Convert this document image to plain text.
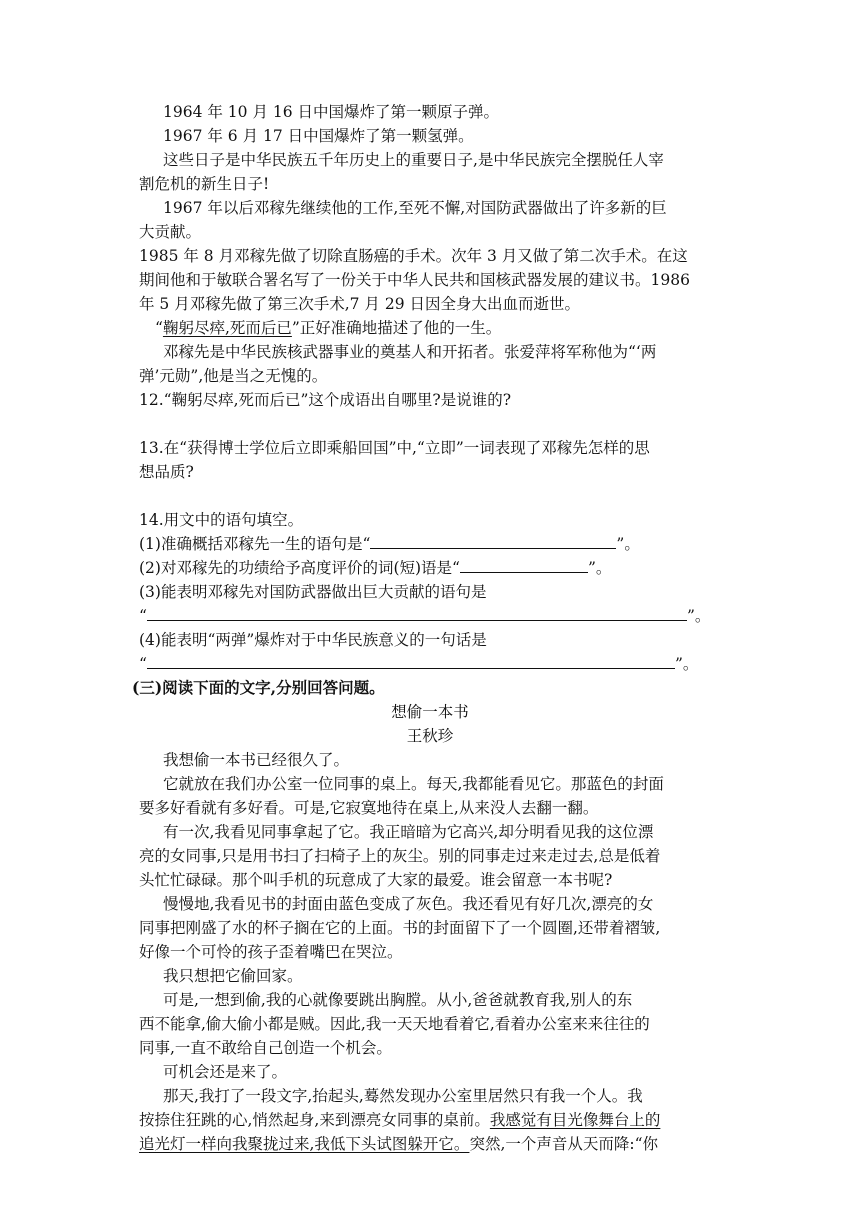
1964 年 10 月 16 日中国爆炸了第一颗原子弹。
1967 年 6 月 17 日中国爆炸了第一颗氢弹。
这些日子是中华民族五千年历史上的重要日子,是中华民族完全摆脱任人宰
割危机的新生日子!
1967 年以后邓稼先继续他的工作,至死不懈,对国防武器做出了许多新的巨
大贡献。
1985 年 8 月邓稼先做了切除直肠癌的手术。次年 3 月又做了第二次手术。在这
期间他和于敏联合署名写了一份关于中华人民共和国核武器发展的建议书。1986
年 5 月邓稼先做了第三次手术,7 月 29 日因全身大出血而逝世。
“鞠躬尽瘁,死而后已”正好准确地描述了他的一生。
邓稼先是中华民族核武器事业的奠基人和开拓者。张爱萍将军称他为“‘两
弹’元勋”,他是当之无愧的。
12.“鞠躬尽瘁,死而后已”这个成语出自哪里?是说谁的?
13.在“获得博士学位后立即乘船回国”中,“立即”一词表现了邓稼先怎样的思
想品质?
14.用文中的语句填空。
(1)准确概括邓稼先一生的语句是“	”。
(2)对邓稼先的功绩给予高度评价的词(短)语是“	”。
(3)能表明邓稼先对国防武器做出巨大贡献的语句是
“	”。
(4)能表明“两弹”爆炸对于中华民族意义的一句话是
“	”。
(三)阅读下面的文字,分别回答问题。
想偷一本书
王秋珍
我想偷一本书已经很久了。
它就放在我们办公室一位同事的桌上。每天,我都能看见它。那蓝色的封面
要多好看就有多好看。可是,它寂寞地待在桌上,从来没人去翻一翻。
有一次,我看见同事拿起了它。我正暗暗为它高兴,却分明看见我的这位漂
亮的女同事,只是用书扫了扫椅子上的灰尘。别的同事走过来走过去,总是低着
头忙忙碌碌。那个叫手机的玩意成了大家的最爱。谁会留意一本书呢?
慢慢地,我看见书的封面由蓝色变成了灰色。我还看见有好几次,漂亮的女
同事把刚盛了水的杯子搁在它的上面。书的封面留下了一个圆圈,还带着褶皱,
好像一个可怜的孩子歪着嘴巴在哭泣。
我只想把它偷回家。
可是,一想到偷,我的心就像要跳出胸膛。从小,爸爸就教育我,别人的东
西不能拿,偷大偷小都是贼。因此,我一天天地看着它,看着办公室来来往往的
同事,一直不敢给自己创造一个机会。
可机会还是来了。
那天,我打了一段文字,抬起头,蓦然发现办公室里居然只有我一个人。我
按捺住狂跳的心,悄然起身,来到漂亮女同事的桌前。我感觉有目光像舞台上的
追光灯一样向我聚拢过来,我低下头试图躲开它。突然,一个声音从天而降:“你
